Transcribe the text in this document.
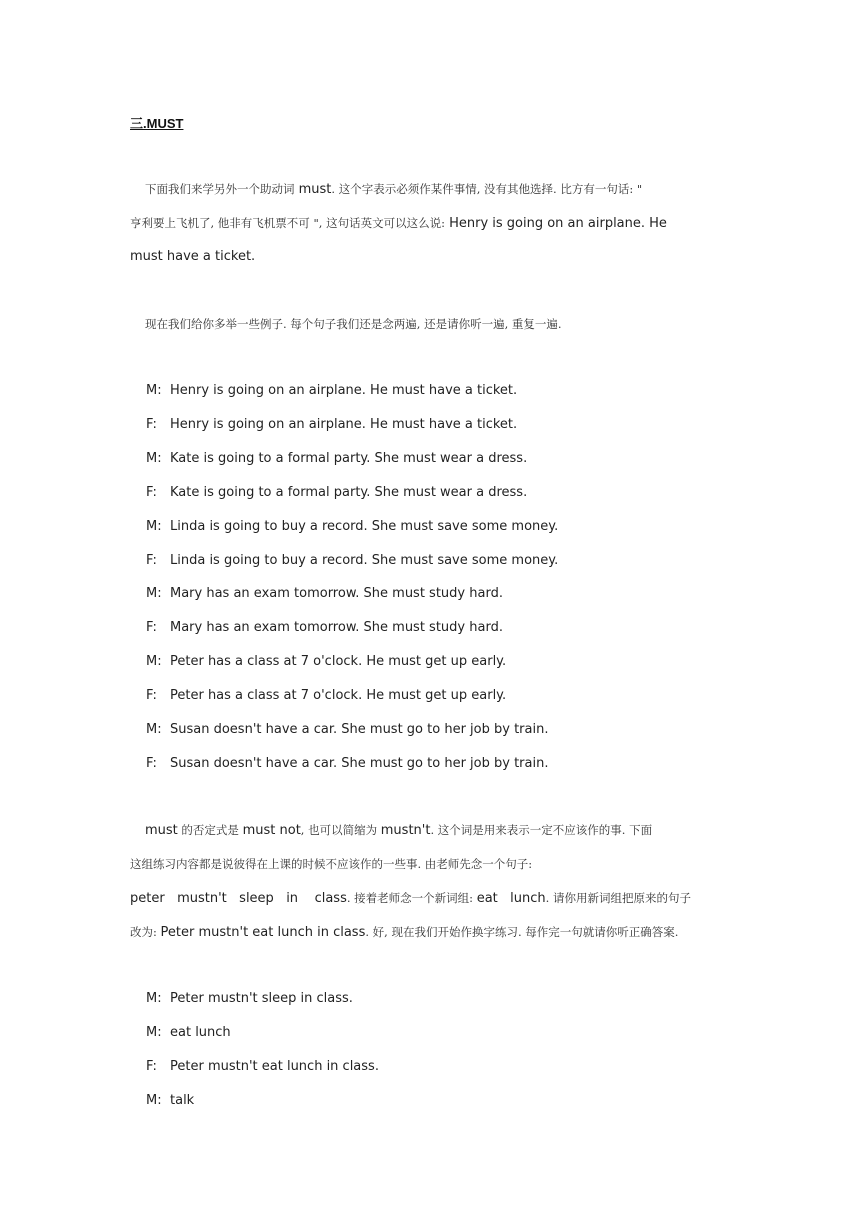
三.MUST
下面我们来学另外一个助动词 must. 这个字表示必须作某件事情, 没有其他选择. 比方有一句话: "
亨利要上飞机了, 他非有飞机票不可 ", 这句话英文可以这么说: Henry is going on an airplane. He
must have a ticket.
现在我们给你多举一些例子. 每个句子我们还是念两遍, 还是请你听一遍, 重复一遍.
M: Henry is going on an airplane. He must have a ticket.
F: Henry is going on an airplane. He must have a ticket.
M: Kate is going to a formal party. She must wear a dress.
F: Kate is going to a formal party. She must wear a dress.
M: Linda is going to buy a record. She must save some money.
F: Linda is going to buy a record. She must save some money.
M: Mary has an exam tomorrow. She must study hard.
F: Mary has an exam tomorrow. She must study hard.
M: Peter has a class at 7 o'clock. He must get up early.
F: Peter has a class at 7 o'clock. He must get up early.
M: Susan doesn't have a car. She must go to her job by train.
F: Susan doesn't have a car. She must go to her job by train.
must 的否定式是 must not, 也可以简缩为 mustn't. 这个词是用来表示一定不应该作的事. 下面
这组练习内容都是说彼得在上课的时候不应该作的一些事. 由老师先念一个句子:
peter   mustn't   sleep   in    class. 接着老师念一个新词组: eat   lunch. 请你用新词组把原来的句子
改为: Peter mustn't eat lunch in class. 好, 现在我们开始作换字练习. 每作完一句就请你听正确答案.
M: Peter mustn't sleep in class.
M: eat lunch
F: Peter mustn't eat lunch in class.
M: talk
